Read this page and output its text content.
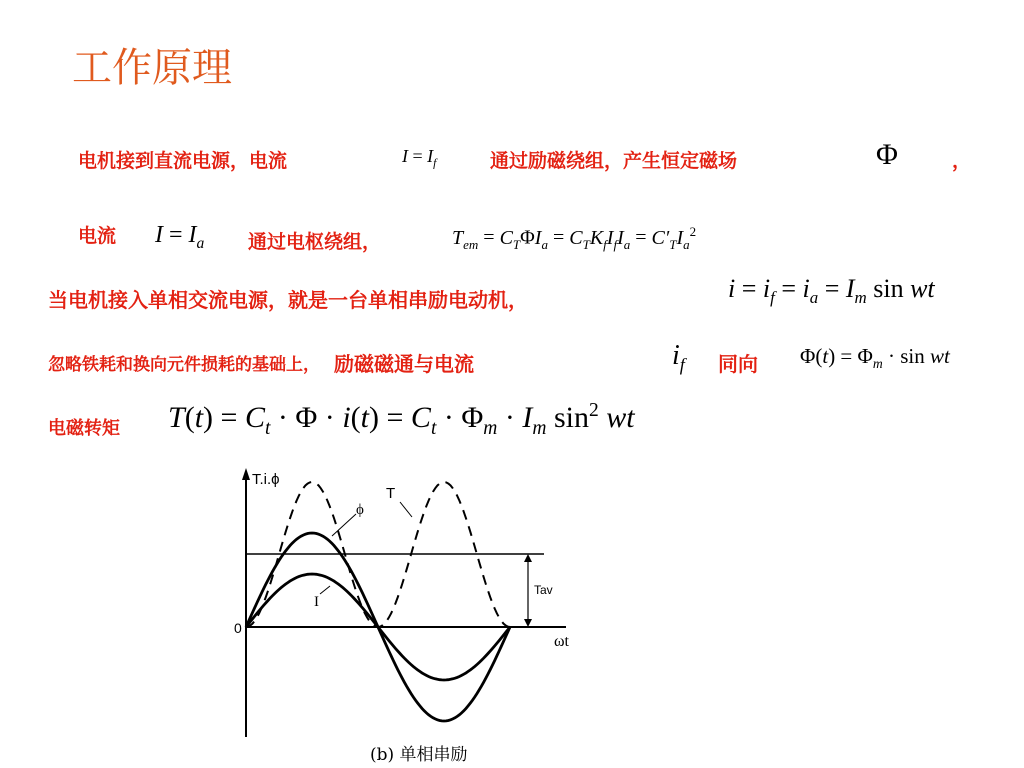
工作原理
电机接到直流电源，电流	$I = I_f$	通过励磁绕组，产生恒定磁场	Φ	，
电流 $I = I_a$ 通过电枢绕组，	$T_{em} = C_T\Phi I_a = C_TK_fI_fI_a = C'_TI_a^2$
当电机接入单相交流电源，就是一台单相串励电动机，	$i = i_f = i_a = I_m$ sin wt
忽略铁耗和换向元件损耗的基础上， 励磁磁通与电流	$i_f$ 同向 $\Phi(t) = \Phi_m \cdot \sin$ wt
电磁转矩 $T(t) = C_t \cdot \Phi \cdot i(t) = C_t \cdot \Phi_m \cdot I_m$ $\sin^2$ wt
T.i.ϕ
ϕ
T
I
Tav
0
ωt
(b) 单相串励
